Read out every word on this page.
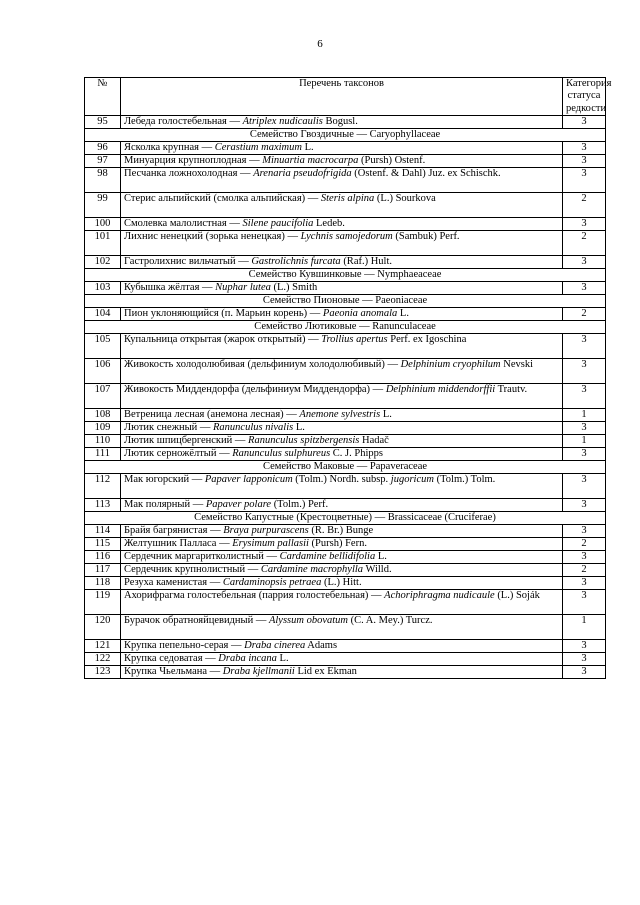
6
№	Перечень таксонов	Категория статуса редкости
95	Лебеда голостебельная — Atriplex nudicaulis Bogusl.	3
Семейство Гвоздичные — Caryophyllaceae		
96	Ясколка крупная — Cerastium maximum L.	3
97	Минуарция крупноплодная — Minuartia macrocarpa (Pursh) Ostenf.	3
98	Песчанка ложнохолодная — Arenaria pseudofrigida (Ostenf. & Dahl) Juz. ex Schischk.	3
99	Стерис альпийский (смолка альпийская) — Steris alpina (L.) Sourkova	2
100	Смолевка малолистная — Silene paucifolia Ledeb.	3
101	Лихнис ненецкий (зорька ненецкая) — Lychnis samojedorum (Sambuk) Perf.	2
102	Гастролихнис вильчатый — Gastrolichnis furcata (Raf.) Hult.	3
Семейство Кувшинковые — Nymphaeaceae		
103	Кубышка жёлтая — Nuphar lutea (L.) Smith	3
Семейство Пионовые — Paeoniaceae		
104	Пион уклоняющийся (п. Марьин корень) — Paeonia anomala L.	2
Семейство Лютиковые — Ranunculaceae		
105	Купальница открытая (жарок открытый) — Trollius apertus Perf. ex Igoschina	3
106	Живокость холодолюбивая (дельфиниум холодолюбивый) — Delphinium cryophilum Nevski	3
107	Живокость Миддендорфа (дельфиниум Миддендорфа) — Delphinium middendorffii Trautv.	3
108	Ветреница лесная (анемона лесная) — Anemone sylvestris L.	1
109	Лютик снежный — Ranunculus nivalis L.	3
110	Лютик шпицбергенский — Ranunculus spitzbergensis Hadač	1
111	Лютик серножёлтый — Ranunculus sulphureus C. J. Phipps	3
Семейство Маковые — Papaveraceae		
112	Мак югорский — Papaver lapponicum (Tolm.) Nordh. subsp. jugoricum (Tolm.) Tolm.	3
113	Мак полярный — Papaver polare (Tolm.) Perf.	3
Семейство Капустные (Крестоцветные) — Brassicaceae (Cruciferae)		
114	Брайя багрянистая — Braya purpurascens (R. Br.) Bunge	3
115	Желтушник Палласа — Erysimum pallasii (Pursh) Fern.	2
116	Сердечник маргаритколистный — Cardamine bellidifolia L.	3
117	Сердечник крупнолистный — Cardamine macrophylla Willd.	2
118	Резуха каменистая — Cardaminopsis petraea (L.) Hitt.	3
119	Ахорифрагма голостебельная (паррия голостебельная) — Achoriphragma nudicaule (L.) Soják	3
120	Бурачок обратнояйцевидный — Alyssum obovatum (C. A. Mey.) Turcz.	1
121	Крупка пепельно-серая — Draba cinerea Adams	3
122	Крупка седоватая — Draba incana L.	3
123	Крупка Чьельмана — Draba kjellmanii Lid ex Ekman	3
